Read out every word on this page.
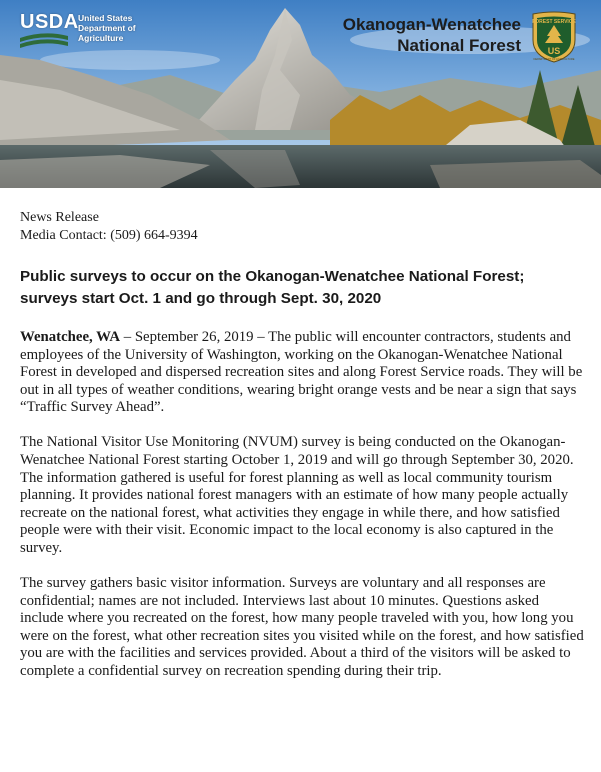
USDA United States Department of Agriculture
Okanogan-Wenatchee
National Forest
FOREST SERVICE
US
DEPARTMENT OF AGRICULTURE
News Release
Media Contact: (509) 664-9394
Public surveys to occur on the Okanogan-Wenatchee National Forest; surveys start Oct. 1 and go through Sept. 30, 2020

Wenatchee, WA – September 26, 2019 – The public will encounter contractors, students and employees of the University of Washington, working on the Okanogan-Wenatchee National Forest in developed and dispersed recreation sites and along Forest Service roads. They will be out in all types of weather conditions, wearing bright orange vests and be near a sign that says “Traffic Survey Ahead”.

The National Visitor Use Monitoring (NVUM) survey is being conducted on the Okanogan-Wenatchee National Forest starting October 1, 2019 and will go through September 30, 2020. The information gathered is useful for forest planning as well as local community tourism planning. It provides national forest managers with an estimate of how many people actually recreate on the national forest, what activities they engage in while there, and how satisfied people were with their visit. Economic impact to the local economy is also captured in the survey.

The survey gathers basic visitor information. Surveys are voluntary and all responses are confidential; names are not included. Interviews last about 10 minutes. Questions asked include where you recreated on the forest, how many people traveled with you, how long you were on the forest, what other recreation sites you visited while on the forest, and how satisfied you are with the facilities and services provided. About a third of the visitors will be asked to complete a confidential survey on recreation spending during their trip.
